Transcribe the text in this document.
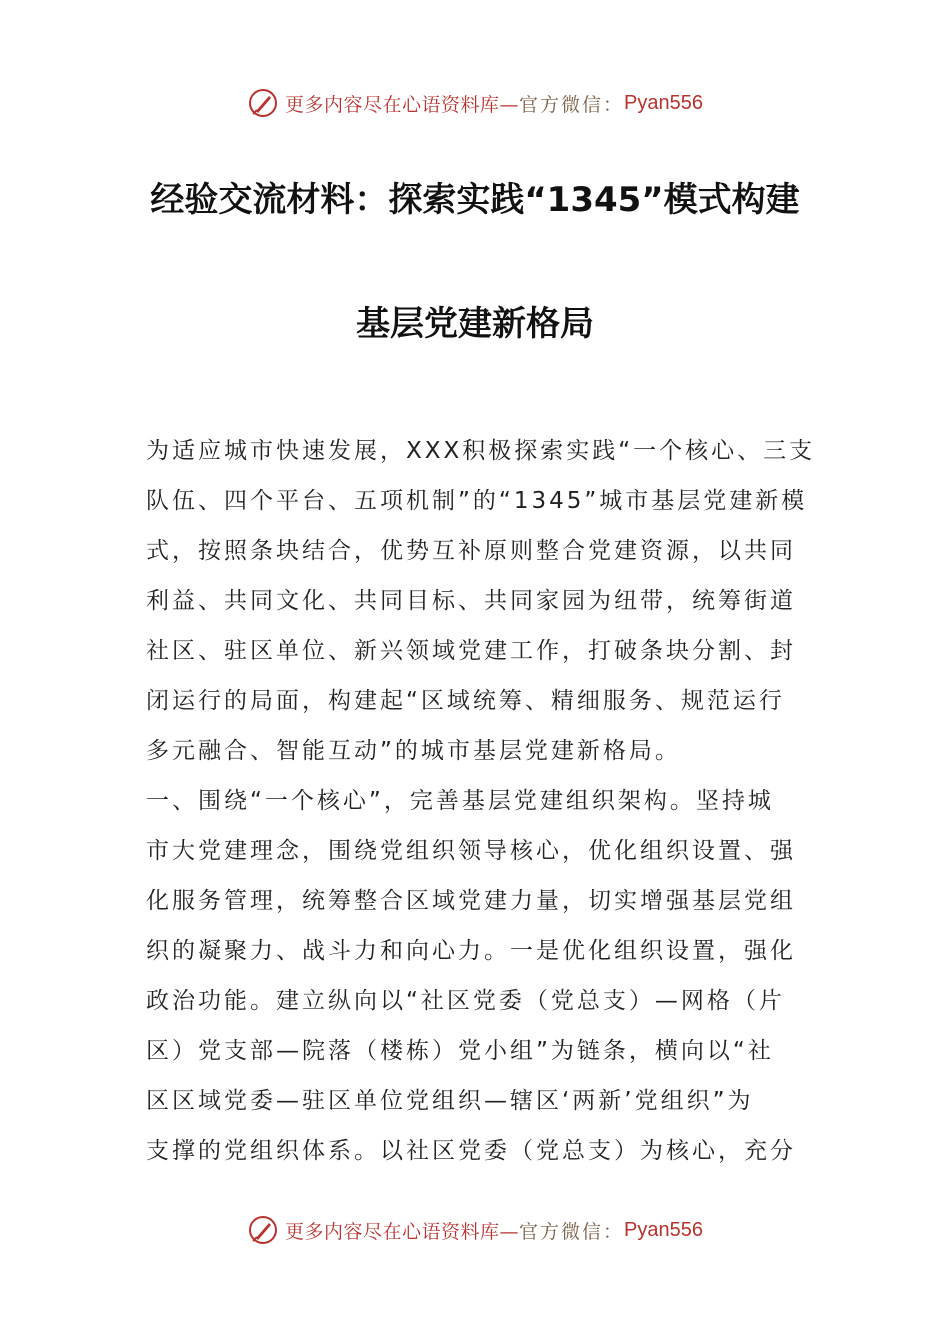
更多内容尽在心语资料库— 官方微信： Pyan556
经验交流材料：探索实践“1345”模式构建
基层党建新格局
为适应城市快速发展，XXX积极探索实践“一个核心、三支
队伍、四个平台、五项机制”的“1345”城市基层党建新模
式，按照条块结合，优势互补原则整合党建资源，以共同
利益、共同文化、共同目标、共同家园为纽带，统筹街道
社区、驻区单位、新兴领域党建工作，打破条块分割、封
闭运行的局面，构建起“区域统筹、精细服务、规范运行
多元融合、智能互动”的城市基层党建新格局。
一、围绕“一个核心”，完善基层党建组织架构。坚持城
市大党建理念，围绕党组织领导核心，优化组织设置、强
化服务管理，统筹整合区域党建力量，切实增强基层党组
织的凝聚力、战斗力和向心力。一是优化组织设置，强化
政治功能。建立纵向以“社区党委（党总支）—网格（片
区）党支部—院落（楼栋）党小组”为链条，横向以“社
区区域党委—驻区单位党组织—辖区‘两新’党组织”为
支撑的党组织体系。以社区党委（党总支）为核心，充分
更多内容尽在心语资料库— 官方微信： Pyan556
